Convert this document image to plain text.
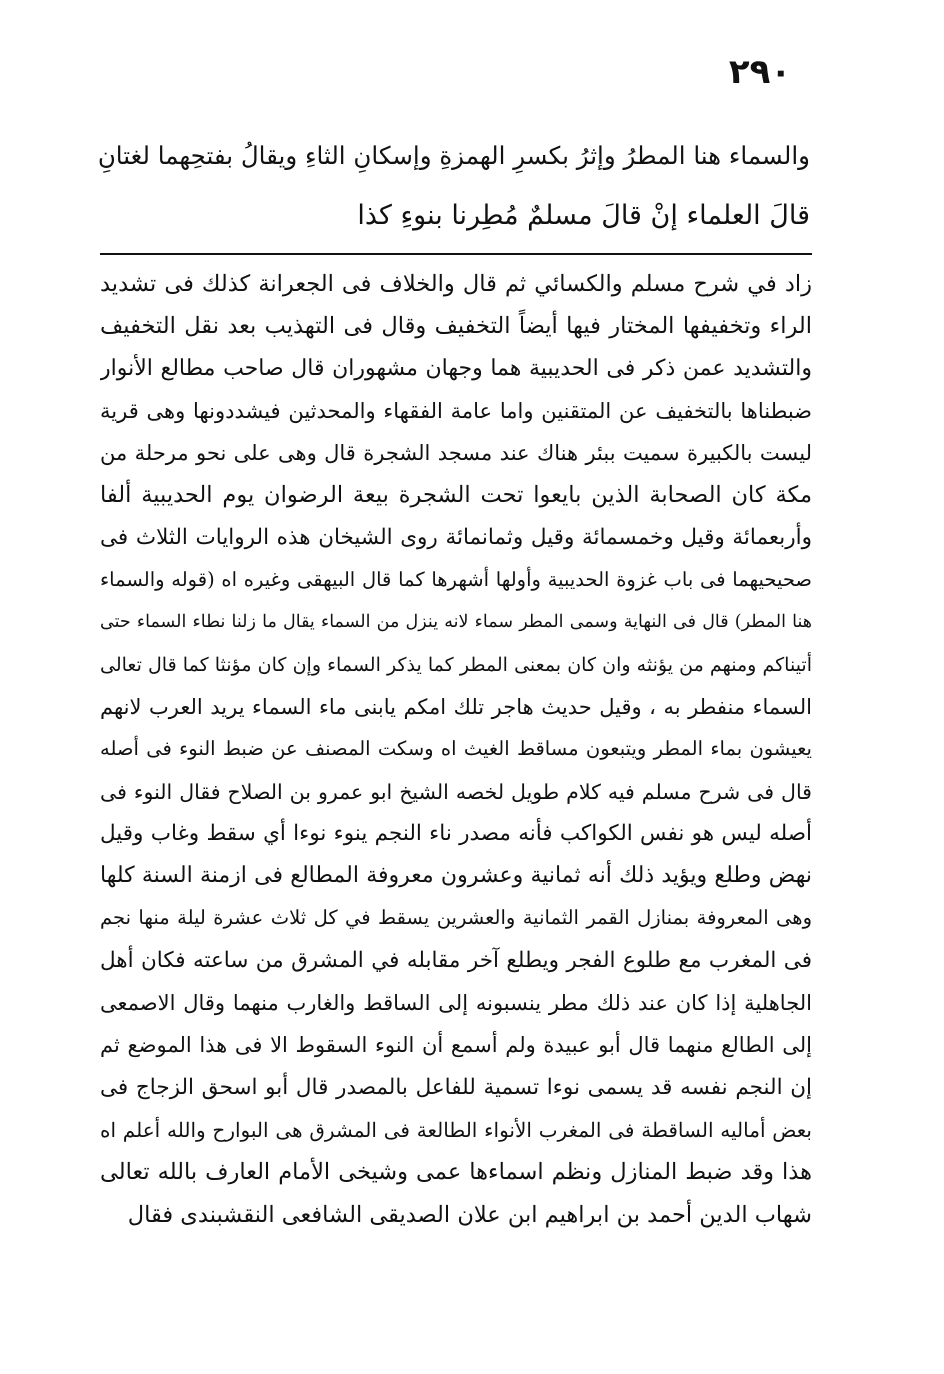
٢٩٠
والسماء هنا المطرُ وإثرُ بكسرِ الهمزةِ وإسكانِ الثاءِ ويقالُ بفتحِهما لغتانِ
قالَ العلماء إنْ قالَ مسلمٌ مُطِرنا بنوءِ كذا
زاد في شرح مسلم والكسائي ثم قال والخلاف فى الجعرانة كذلك فى تشديد
الراء وتخفيفها المختار فيها أيضاً التخفيف وقال فى التهذيب بعد نقل التخفيف
والتشديد عمن ذكر فى الحديبية هما وجهان مشهوران قال صاحب مطالع الأنوار
ضبطناها بالتخفيف عن المتقنين واما عامة الفقهاء والمحدثين فيشددونها وهى قرية
ليست بالكبيرة سميت ببئر هناك عند مسجد الشجرة قال وهى على نحو مرحلة من
مكة كان الصحابة الذين بايعوا تحت الشجرة بيعة الرضوان يوم الحديبية ألفا
وأربعمائة وقيل وخمسمائة وقيل وثمانمائة روى الشيخان هذه الروايات الثلاث فى
صحيحيهما فى باب غزوة الحديبية وأولها أشهرها كما قال البيهقى وغيره اه (قوله والسماء
هنا المطر) قال فى النهاية وسمى المطر سماء لانه ينزل من السماء يقال ما زلنا نطاء السماء حتى
أتيناكم ومنهم من يؤنثه وان كان بمعنى المطر كما يذكر السماء وإن كان مؤنثا كما قال تعالى
السماء منفطر به ، وقيل حديث هاجر تلك امكم يابنى ماء السماء يريد العرب لانهم
يعيشون بماء المطر ويتبعون مساقط الغيث اه وسكت المصنف عن ضبط النوء فى أصله
قال فى شرح مسلم فيه كلام طويل لخصه الشيخ ابو عمرو بن الصلاح فقال النوء فى
أصله ليس هو نفس الكواكب فأنه مصدر ناء النجم ينوء نوءا أي سقط وغاب وقيل
نهض وطلع ويؤيد ذلك أنه ثمانية وعشرون معروفة المطالع فى ازمنة السنة كلها
وهى المعروفة بمنازل القمر الثمانية والعشرين يسقط في كل ثلاث عشرة ليلة منها نجم
فى المغرب مع طلوع الفجر ويطلع آخر مقابله في المشرق من ساعته فكان أهل
الجاهلية إذا كان عند ذلك مطر ينسبونه إلى الساقط والغارب منهما وقال الاصمعى
إلى الطالع منهما قال أبو عبيدة ولم أسمع أن النوء السقوط الا فى هذا الموضع ثم
إن النجم نفسه قد يسمى نوءا تسمية للفاعل بالمصدر قال أبو اسحق الزجاج فى
بعض أماليه الساقطة فى المغرب الأنواء الطالعة فى المشرق هى البوارح والله أعلم اه
هذا وقد ضبط المنازل ونظم اسماءها عمى وشيخى الأمام العارف بالله تعالى
شهاب الدين أحمد بن ابراهيم ابن علان الصديقى الشافعى النقشبندى فقال
